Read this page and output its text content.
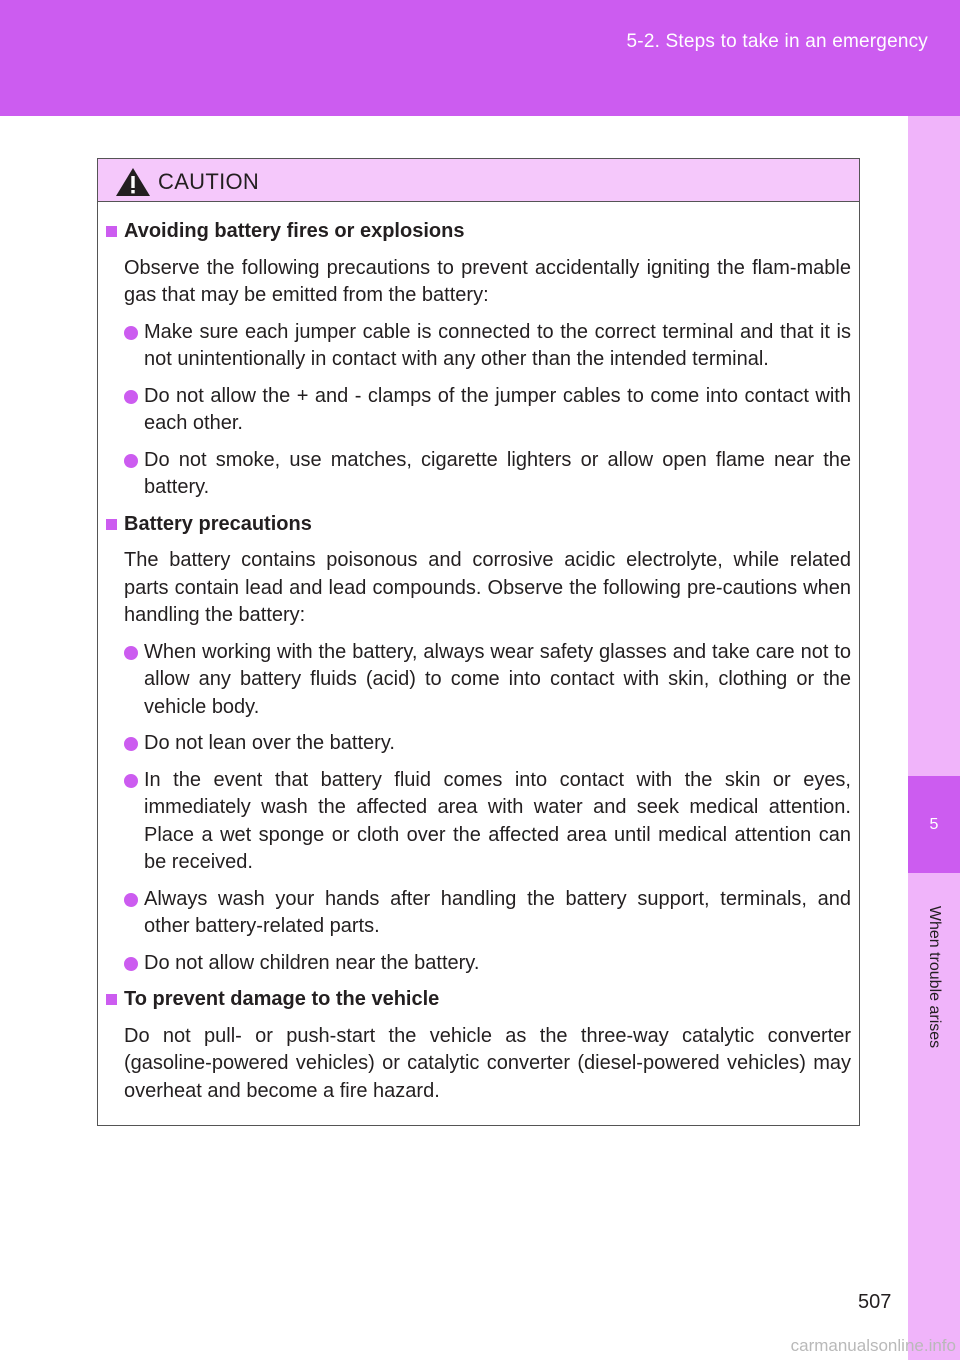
5-2. Steps to take in an emergency
5
When trouble arises
CAUTION
Avoiding battery fires or explosions
Observe the following precautions to prevent accidentally igniting the flam-mable gas that may be emitted from the battery:
Make sure each jumper cable is connected to the correct terminal and that it is not unintentionally in contact with any other than the intended terminal.
Do not allow the + and - clamps of the jumper cables to come into contact with each other.
Do not smoke, use matches, cigarette lighters or allow open flame near the battery.
Battery precautions
The battery contains poisonous and corrosive acidic electrolyte, while related parts contain lead and lead compounds. Observe the following pre-cautions when handling the battery:
When working with the battery, always wear safety glasses and take care not to allow any battery fluids (acid) to come into contact with skin, clothing or the vehicle body.
Do not lean over the battery.
In the event that battery fluid comes into contact with the skin or eyes, immediately wash the affected area with water and seek medical attention. Place a wet sponge or cloth over the affected area until medical attention can be received.
Always wash your hands after handling the battery support, terminals, and other battery-related parts.
Do not allow children near the battery.
To prevent damage to the vehicle
Do not pull- or push-start the vehicle as the three-way catalytic converter (gasoline-powered vehicles) or catalytic converter (diesel-powered vehicles) may overheat and become a fire hazard.
507
carmanualsonline.info
